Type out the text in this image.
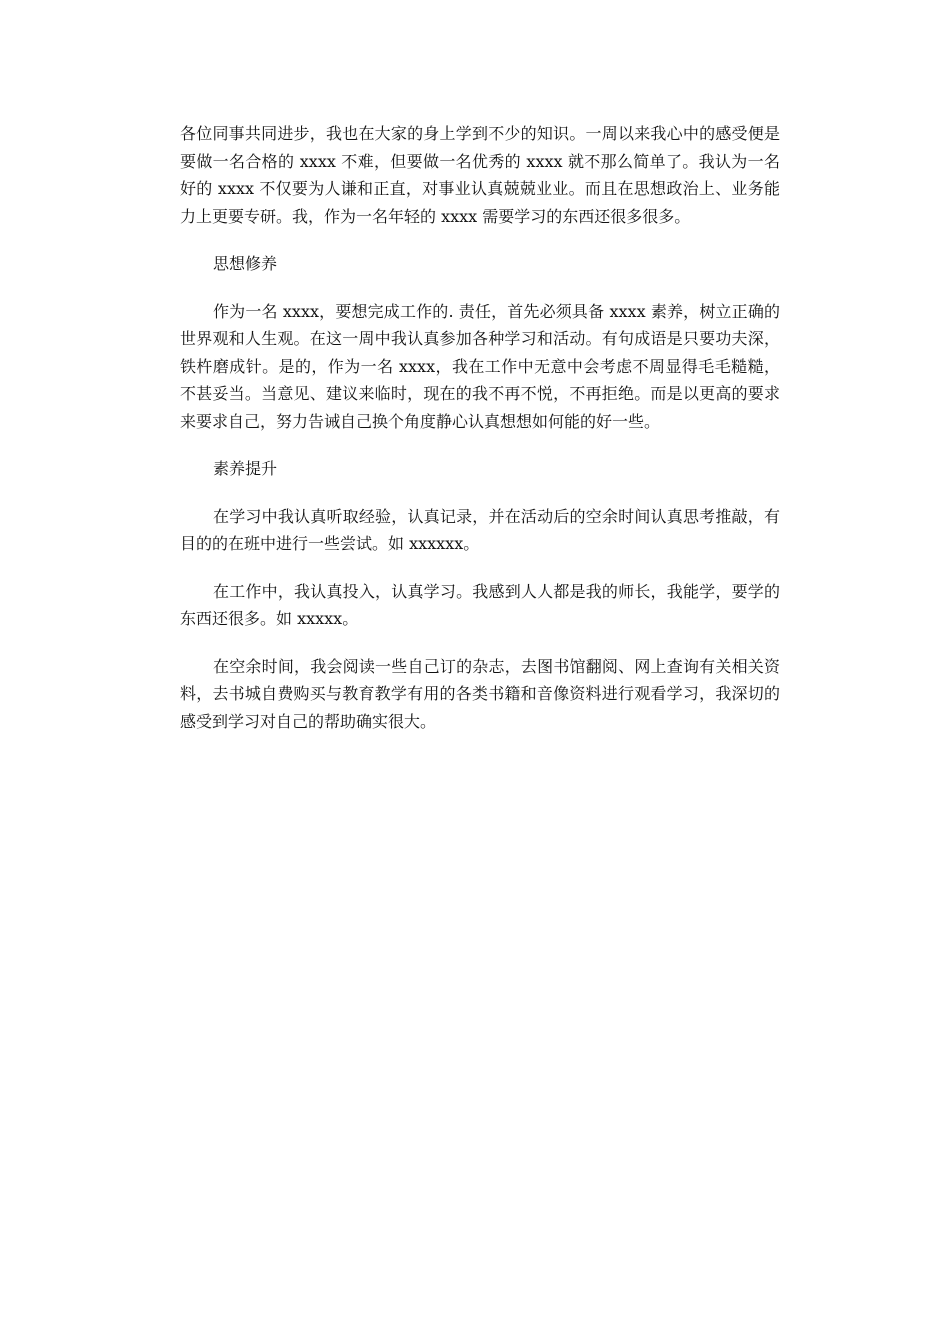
各位同事共同进步，我也在大家的身上学到不少的知识。一周以来我心中的感受便是要做一名合格的 xxxx 不难，但要做一名优秀的 xxxx 就不那么简单了。我认为一名好的 xxxx 不仅要为人谦和正直，对事业认真兢兢业业。而且在思想政治上、业务能力上更要专研。我，作为一名年轻的 xxxx 需要学习的东西还很多很多。

思想修养

作为一名 xxxx，要想完成工作的. 责任，首先必须具备 xxxx 素养，树立正确的世界观和人生观。在这一周中我认真参加各种学习和活动。有句成语是只要功夫深，铁杵磨成针。是的，作为一名 xxxx，我在工作中无意中会考虑不周显得毛毛糙糙，不甚妥当。当意见、建议来临时，现在的我不再不悦，不再拒绝。而是以更高的要求来要求自己，努力告诫自己换个角度静心认真想想如何能的好一些。

素养提升

在学习中我认真听取经验，认真记录，并在活动后的空余时间认真思考推敲，有目的的在班中进行一些尝试。如 xxxxxx。

在工作中，我认真投入，认真学习。我感到人人都是我的师长，我能学，要学的东西还很多。如 xxxxx。

在空余时间，我会阅读一些自己订的杂志，去图书馆翻阅、网上查询有关相关资料，去书城自费购买与教育教学有用的各类书籍和音像资料进行观看学习，我深切的感受到学习对自己的帮助确实很大。
